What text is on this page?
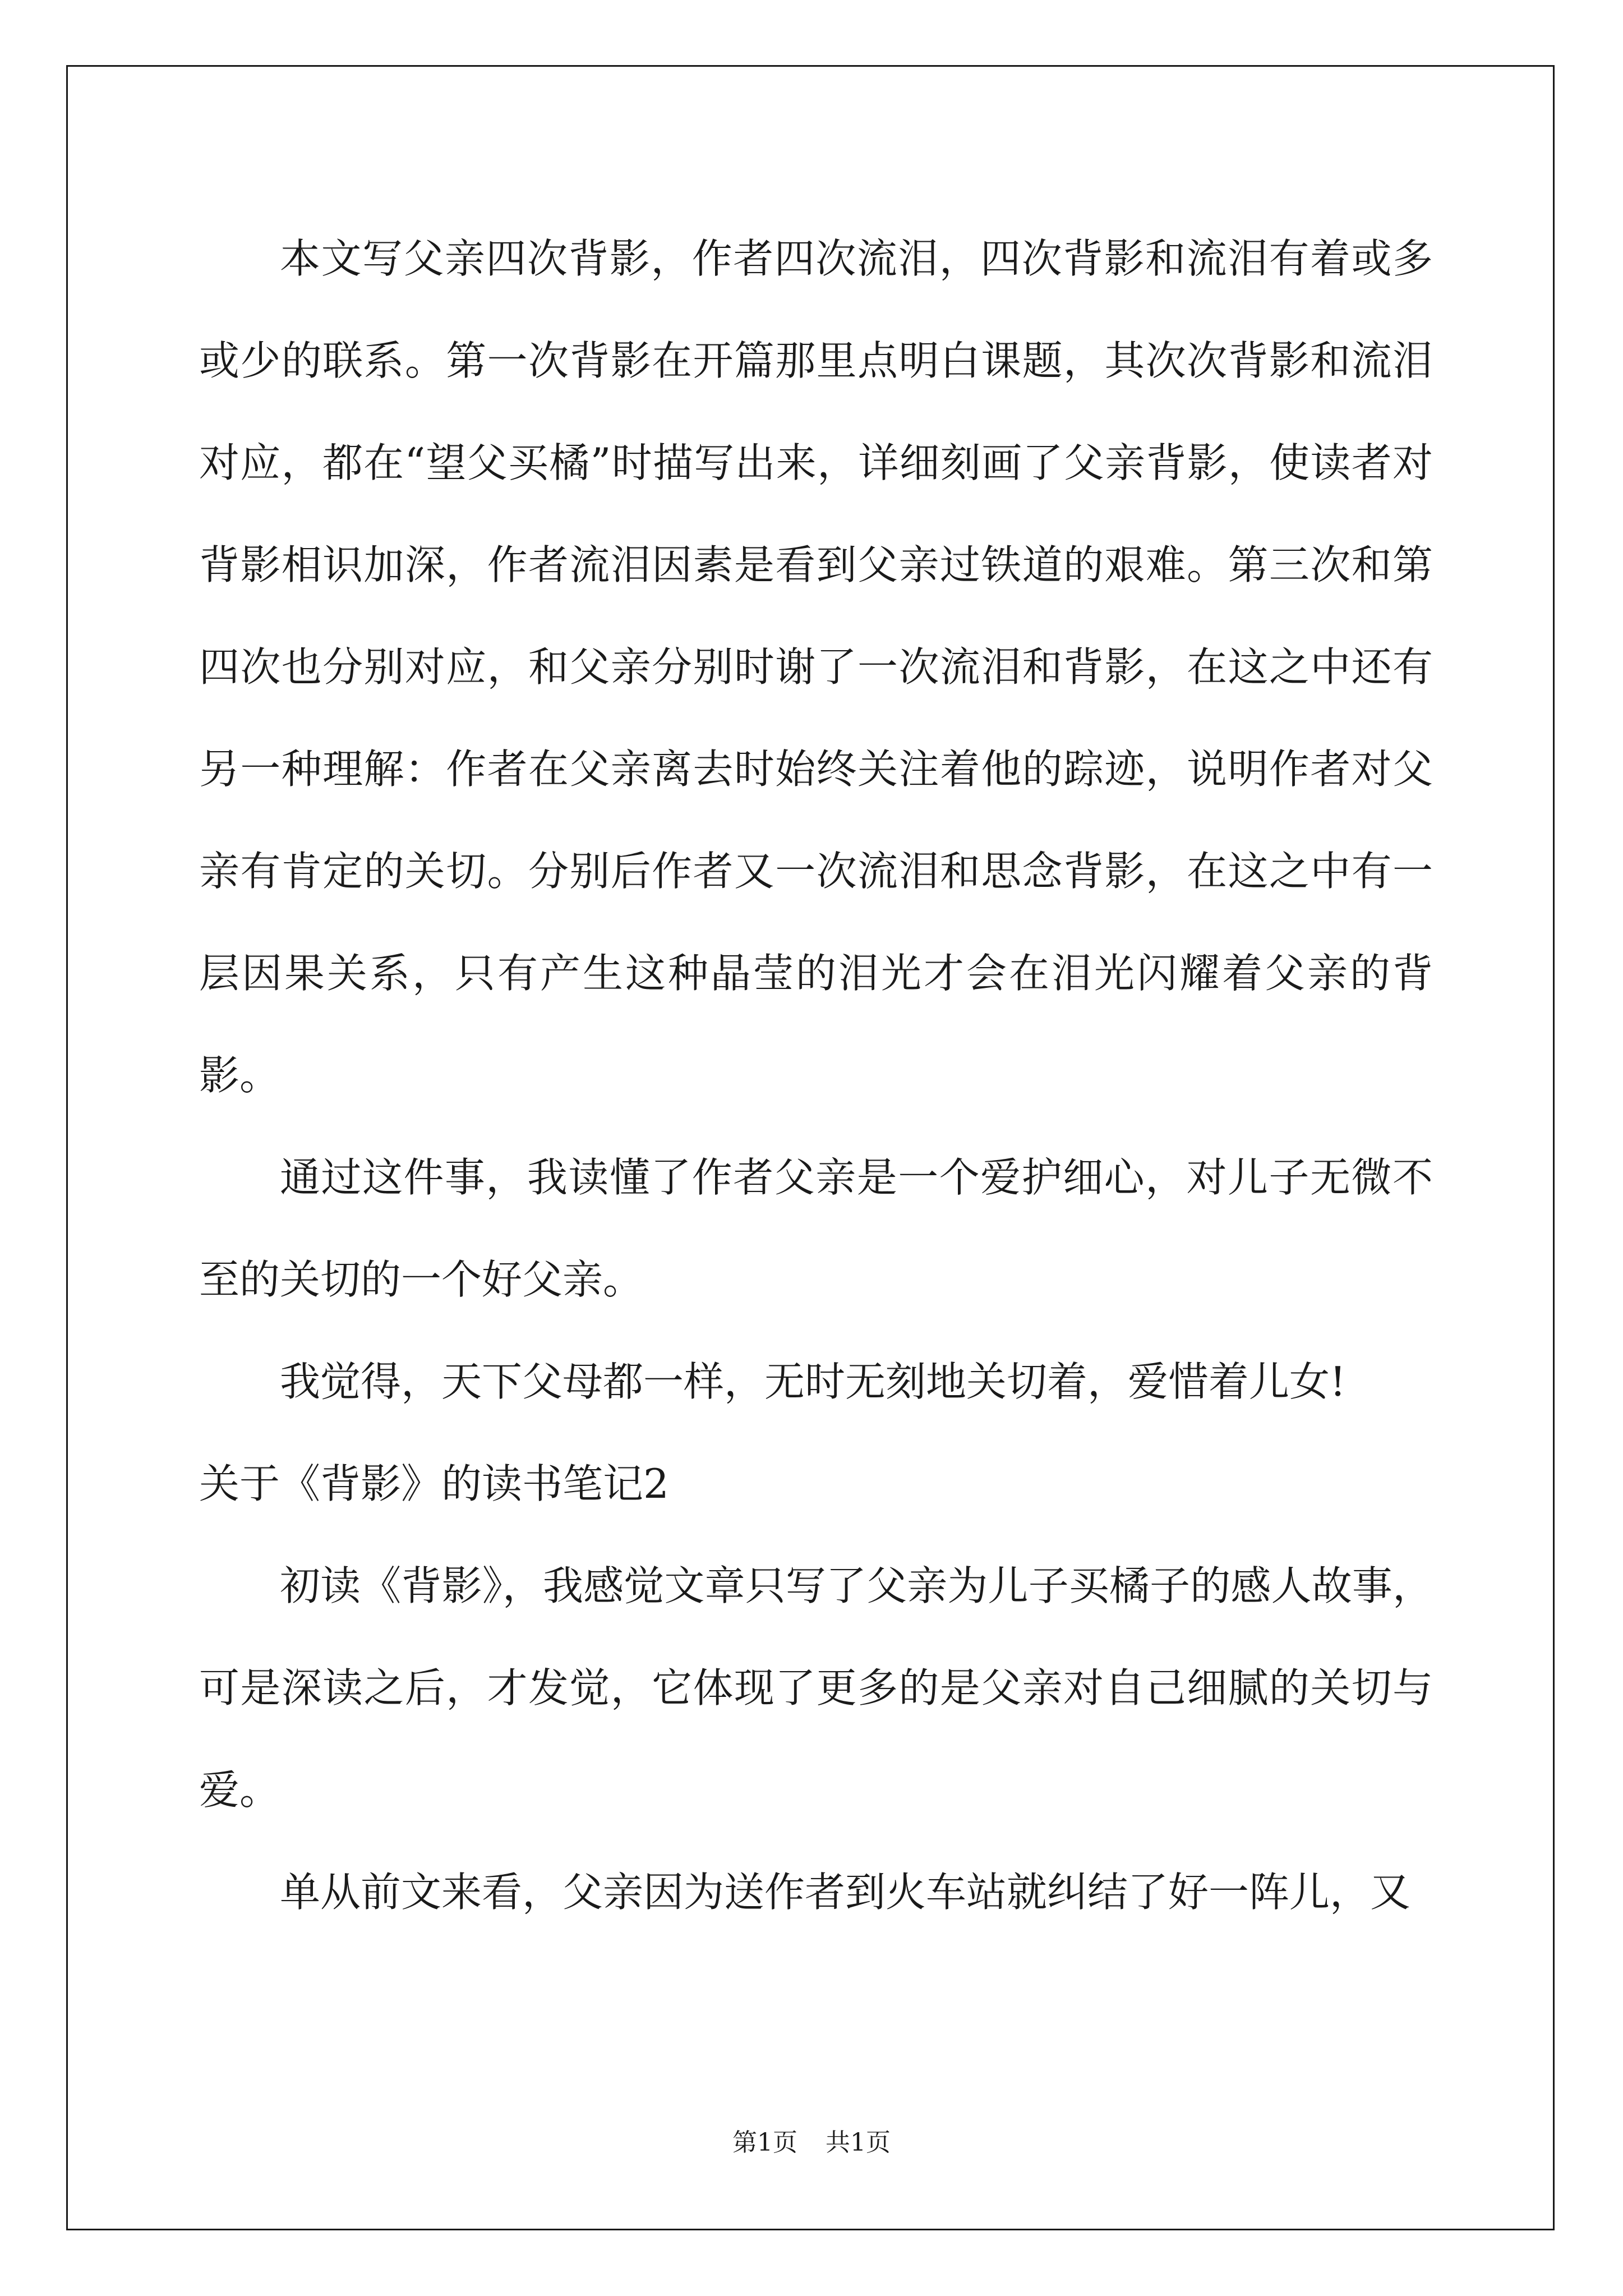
本文写父亲四次背影，作者四次流泪，四次背影和流泪有着或多或少的联系。第一次背影在开篇那里点明白课题，其次次背影和流泪对应，都在“望父买橘”时描写出来，详细刻画了父亲背影，使读者对背影相识加深，作者流泪因素是看到父亲过铁道的艰难。第三次和第四次也分别对应，和父亲分别时谢了一次流泪和背影，在这之中还有另一种理解：作者在父亲离去时始终关注着他的踪迹，说明作者对父亲有肯定的关切。分别后作者又一次流泪和思念背影，在这之中有一层因果关系，只有产生这种晶莹的泪光才会在泪光闪耀着父亲的背影。

通过这件事，我读懂了作者父亲是一个爱护细心，对儿子无微不至的关切的一个好父亲。

我觉得，天下父母都一样，无时无刻地关切着，爱惜着儿女!

关于《背影》的读书笔记2

初读《背影》，我感觉文章只写了父亲为儿子买橘子的感人故事，可是深读之后，才发觉，它体现了更多的是父亲对自己细腻的关切与爱。

单从前文来看，父亲因为送作者到火车站就纠结了好一阵儿，又

第1页 共1页
